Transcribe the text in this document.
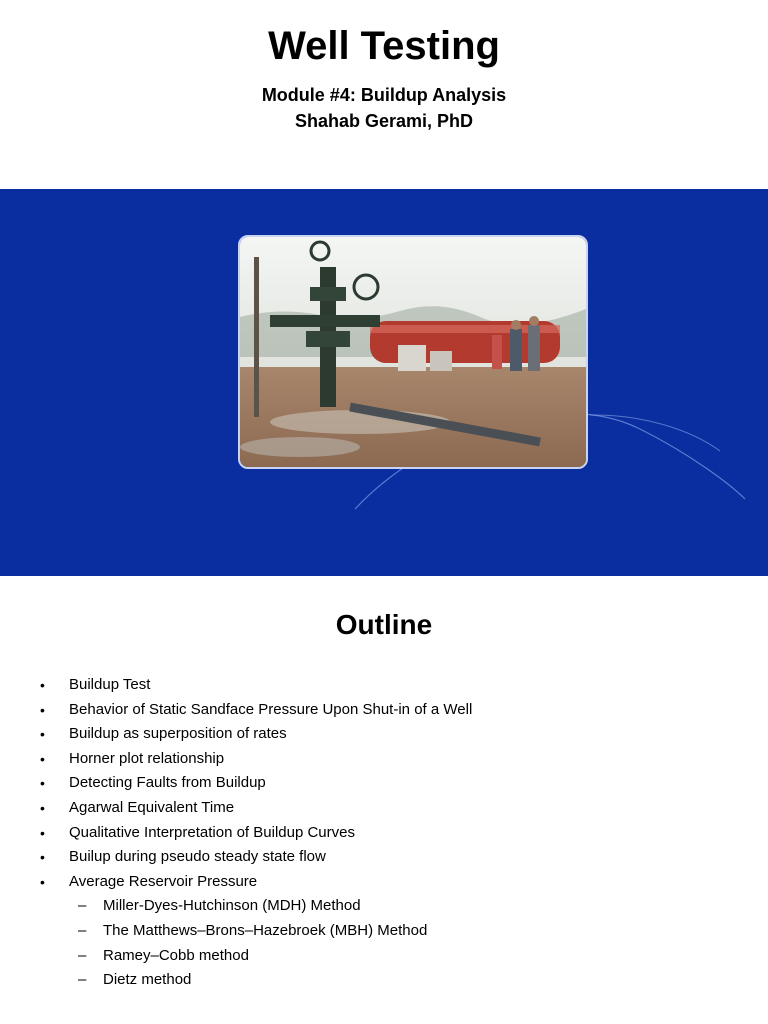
Well Testing
Module #4: Buildup Analysis
Shahab Gerami, PhD
Outline
• Buildup Test
• Behavior of Static Sandface Pressure Upon Shut-in of a Well
• Buildup as superposition of rates
• Horner plot relationship
• Detecting Faults from Buildup
• Agarwal Equivalent Time
• Qualitative Interpretation of Buildup Curves
• Builup during pseudo steady state flow
• Average Reservoir Pressure
– Miller-Dyes-Hutchinson (MDH) Method
– The Matthews–Brons–Hazebroek (MBH) Method
– Ramey–Cobb method
– Dietz method
